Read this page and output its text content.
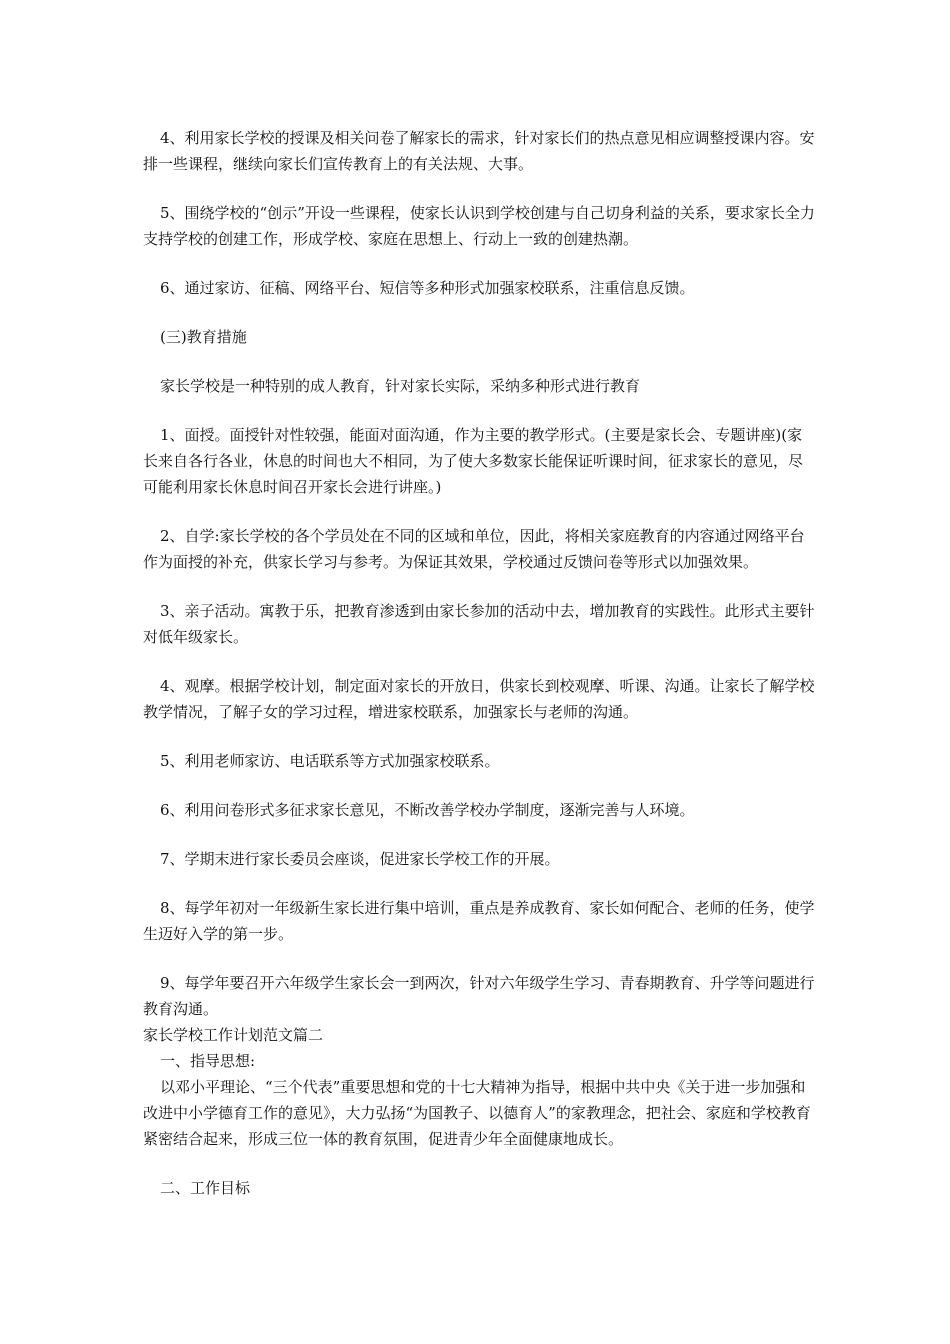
4、利用家长学校的授课及相关问卷了解家长的需求，针对家长们的热点意见相应调整授课内容。安排一些课程，继续向家长们宣传教育上的有关法规、大事。

5、围绕学校的“创示”开设一些课程，使家长认识到学校创建与自己切身利益的关系，要求家长全力支持学校的创建工作，形成学校、家庭在思想上、行动上一致的创建热潮。

6、通过家访、征稿、网络平台、短信等多种形式加强家校联系，注重信息反馈。

(三)教育措施

家长学校是一种特别的成人教育，针对家长实际，采纳多种形式进行教育

1、面授。面授针对性较强，能面对面沟通，作为主要的教学形式。(主要是家长会、专题讲座)(家长来自各行各业，休息的时间也大不相同，为了使大多数家长能保证听课时间，征求家长的意见，尽可能利用家长休息时间召开家长会进行讲座。)

2、自学:家长学校的各个学员处在不同的区域和单位，因此，将相关家庭教育的内容通过网络平台作为面授的补充，供家长学习与参考。为保证其效果，学校通过反馈问卷等形式以加强效果。

3、亲子活动。寓教于乐，把教育渗透到由家长参加的活动中去，增加教育的实践性。此形式主要针对低年级家长。

4、观摩。根据学校计划，制定面对家长的开放日，供家长到校观摩、听课、沟通。让家长了解学校教学情况，了解子女的学习过程，增进家校联系，加强家长与老师的沟通。

5、利用老师家访、电话联系等方式加强家校联系。

6、利用问卷形式多征求家长意见，不断改善学校办学制度，逐渐完善与人环境。

7、学期末进行家长委员会座谈，促进家长学校工作的开展。

8、每学年初对一年级新生家长进行集中培训，重点是养成教育、家长如何配合、老师的任务，使学生迈好入学的第一步。

9、每学年要召开六年级学生家长会一到两次，针对六年级学生学习、青春期教育、升学等问题进行教育沟通。

家长学校工作计划范文篇二

一、指导思想:

以邓小平理论、“三个代表”重要思想和党的十七大精神为指导，根据中共中央《关于进一步加强和改进中小学德育工作的意见》，大力弘扬“为国教子、以德育人”的家教理念，把社会、家庭和学校教育紧密结合起来，形成三位一体的教育氛围，促进青少年全面健康地成长。

二、工作目标
